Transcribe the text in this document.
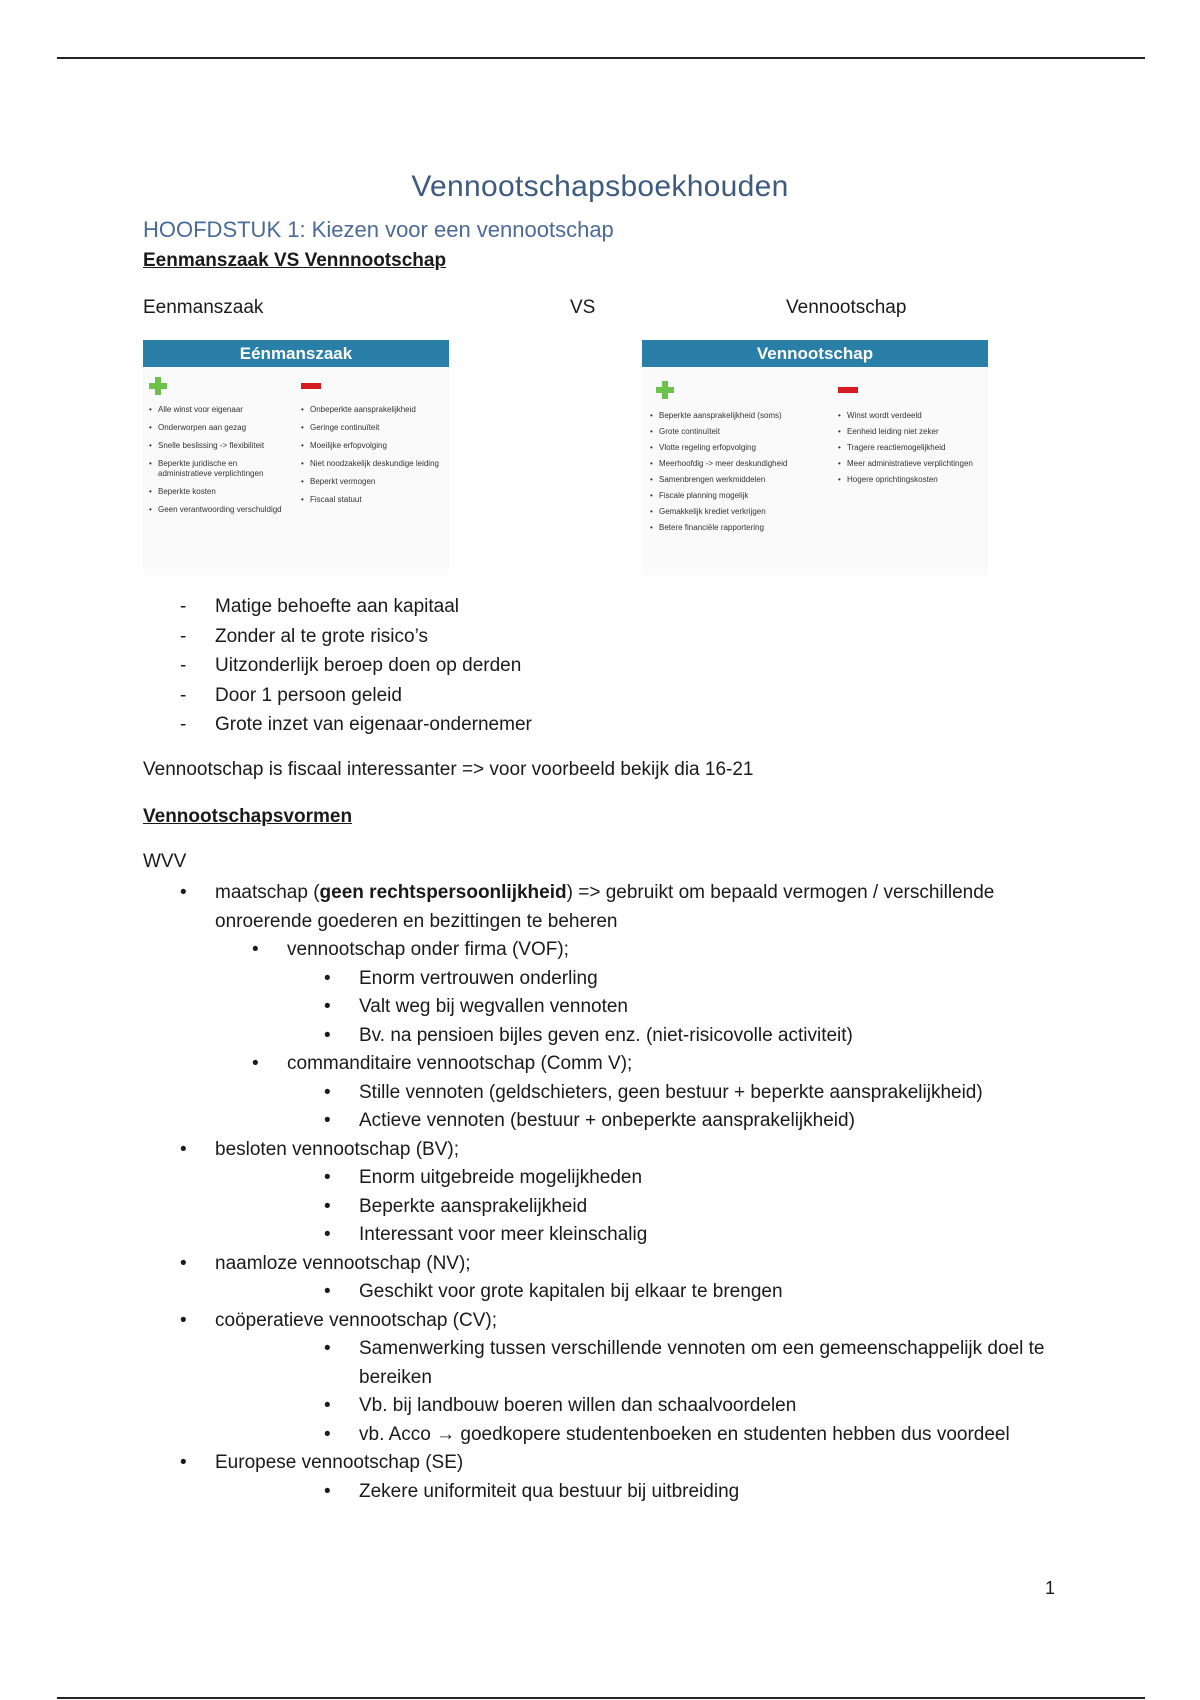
Vennootschapsboekhouden
HOOFDSTUK 1: Kiezen voor een vennootschap
Eenmanszaak VS Vennnootschap
Eenmanszaak	VS	Vennootschap
Eénmanszaak
• Alle winst voor eigenaar
• Onderworpen aan gezag
• Snelle beslissing -> flexibiliteit
• Beperkte juridische en administratieve verplichtingen
• Beperkte kosten
• Geen verantwoording verschuldigd
• Onbeperkte aansprakelijkheid
• Geringe continuïteit
• Moeilijke erfopvolging
• Niet noodzakelijk deskundige leiding
• Beperkt vermogen
• Fiscaal statuut
Vennootschap
• Beperkte aansprakelijkheid (soms)
• Grote continuïteit
• Vlotte regeling erfopvolging
• Meerhoofdig -> meer deskundigheid
• Samenbrengen werkmiddelen
• Fiscale planning mogelijk
• Gemakkelijk krediet verkrijgen
• Betere financiële rapportering
• Winst wordt verdeeld
• Eenheid leiding niet zeker
• Tragere reactiemogelijkheid
• Meer administratieve verplichtingen
• Hogere oprichtingskosten
- Matige behoefte aan kapitaal
- Zonder al te grote risico’s
- Uitzonderlijk beroep doen op derden
- Door 1 persoon geleid
- Grote inzet van eigenaar-ondernemer
Vennootschap is fiscaal interessanter => voor voorbeeld bekijk dia 16-21
Vennootschapsvormen
WVV
• maatschap (geen rechtspersoonlijkheid) => gebruikt om bepaald vermogen / verschillende onroerende goederen en bezittingen te beheren
• vennootschap onder firma (VOF);
• Enorm vertrouwen onderling
• Valt weg bij wegvallen vennoten
• Bv. na pensioen bijles geven enz. (niet-risicovolle activiteit)
• commanditaire vennootschap (Comm V);
• Stille vennoten (geldschieters, geen bestuur + beperkte aansprakelijkheid)
• Actieve vennoten (bestuur + onbeperkte aansprakelijkheid)
• besloten vennootschap (BV);
• Enorm uitgebreide mogelijkheden
• Beperkte aansprakelijkheid
• Interessant voor meer kleinschalig
• naamloze vennootschap (NV);
• Geschikt voor grote kapitalen bij elkaar te brengen
• coöperatieve vennootschap (CV);
• Samenwerking tussen verschillende vennoten om een gemeenschappelijk doel te bereiken
• Vb. bij landbouw boeren willen dan schaalvoordelen
• vb. Acco → goedkopere studentenboeken en studenten hebben dus voordeel
• Europese vennootschap (SE)
• Zekere uniformiteit qua bestuur bij uitbreiding
1
